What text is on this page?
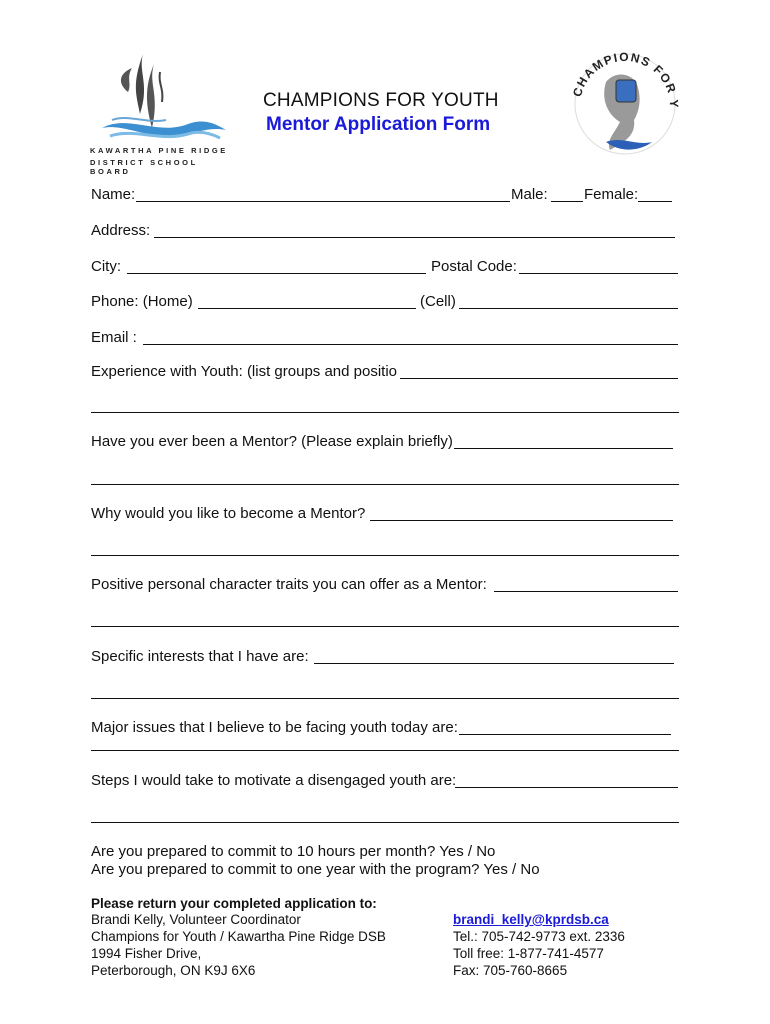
KAWARTHA PINE RIDGE
DISTRICT SCHOOL BOARD
CHAMPIONS FOR YOUTH
Mentor Application Form
CHAMPIONS FOR Y
Name:	Male: Female:
Address:
City:	Postal Code:
Phone: (Home)	(Cell)
Email :
Experience with Youth: (list groups and positio
Have you ever been a Mentor? (Please explain briefly)
Why would you like to become a Mentor?
Positive personal character traits you can offer as a Mentor:
Specific interests that I have are:
Major issues that I believe to be facing youth today are:
Steps I would take to motivate a disengaged youth are:
Are you prepared to commit to 10 hours per month? Yes / No
Are you prepared to commit to one year with the program? Yes / No
Please return your completed application to:
Brandi Kelly, Volunteer Coordinator
Champions for Youth / Kawartha Pine Ridge DSB
1994 Fisher Drive,
Peterborough, ON K9J 6X6
brandi_kelly@kprdsb.ca
Tel.: 705-742-9773 ext. 2336
Toll free: 1-877-741-4577
Fax: 705-760-8665
